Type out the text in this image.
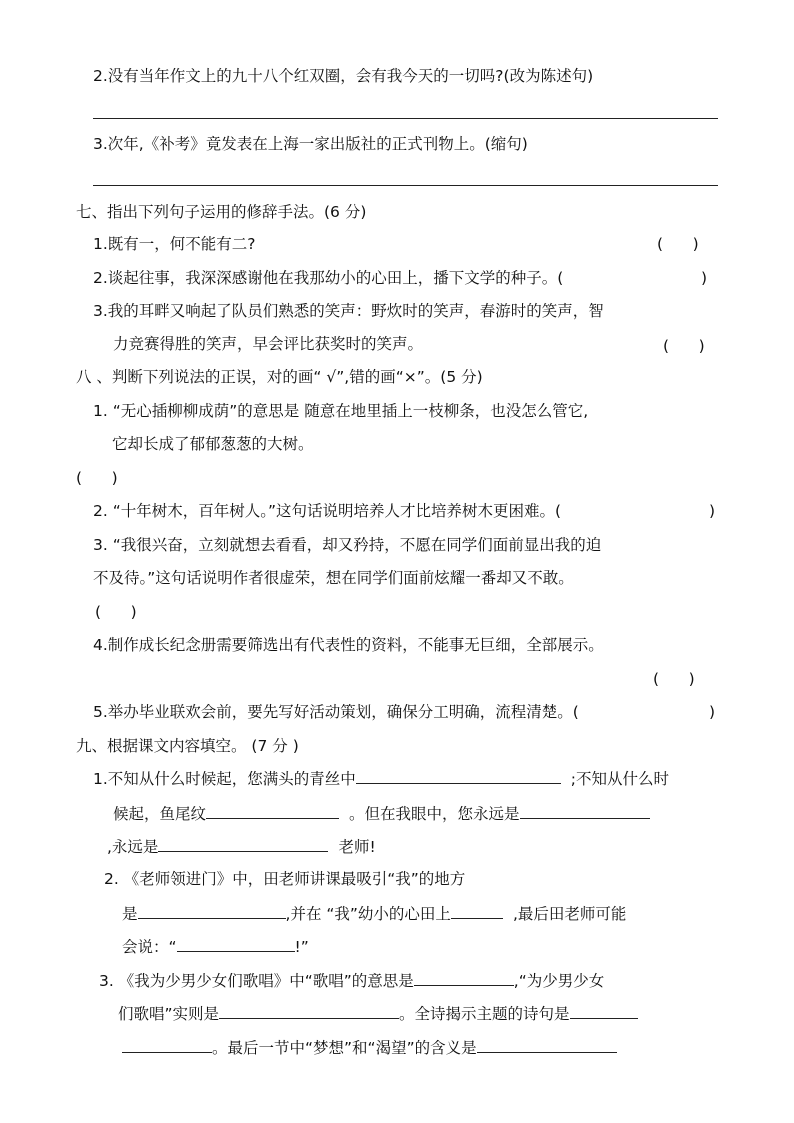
2.没有当年作文上的九十八个红双圈，会有我今天的一切吗?(改为陈述句)
3.次年,《补考》竟发表在上海一家出版社的正式刊物上。(缩句)
七、指出下列句子运用的修辞手法。(6 分)
1.既有一，何不能有二?	(      )
2.谈起往事，我深深感谢他在我那幼小的心田上，播下文学的种子。(	)
3.我的耳畔又响起了队员们熟悉的笑声：野炊时的笑声，春游时的笑声，智
力竞赛得胜的笑声，早会评比获奖时的笑声。	(      )
八 、判断下列说法的正误，对的画“ √”,错的画“×”。(5 分)
1. “无心插柳柳成荫”的意思是 随意在地里插上一枝柳条，也没怎么管它,
它却长成了郁郁葱葱的大树。
(      )
2. “十年树木，百年树人。”这句话说明培养人才比培养树木更困难。(	)
3. “我很兴奋，立刻就想去看看，却又矜持，不愿在同学们面前显出我的迫
不及待。”这句话说明作者很虚荣，想在同学们面前炫耀一番却又不敢。
(      )
4.制作成长纪念册需要筛选出有代表性的资料，不能事无巨细，全部展示。
(      )
5.举办毕业联欢会前，要先写好活动策划，确保分工明确，流程清楚。(	)
九、根据课文内容填空。 (7 分 )
1.不知从什么时候起，您满头的青丝中	;不知从什么时
候起，鱼尾纹	。但在我眼中，您永远是
,永远是	老师!
2. 《老师领进门》中，田老师讲课最吸引“我”的地方
是	,并在 “我”幼小的心田上	,最后田老师可能
会说：“	!”
3. 《我为少男少女们歌唱》中“歌唱”的意思是	,“为少男少女
们歌唱”实则是	。全诗揭示主题的诗句是
。最后一节中“梦想”和“渴望”的含义是
